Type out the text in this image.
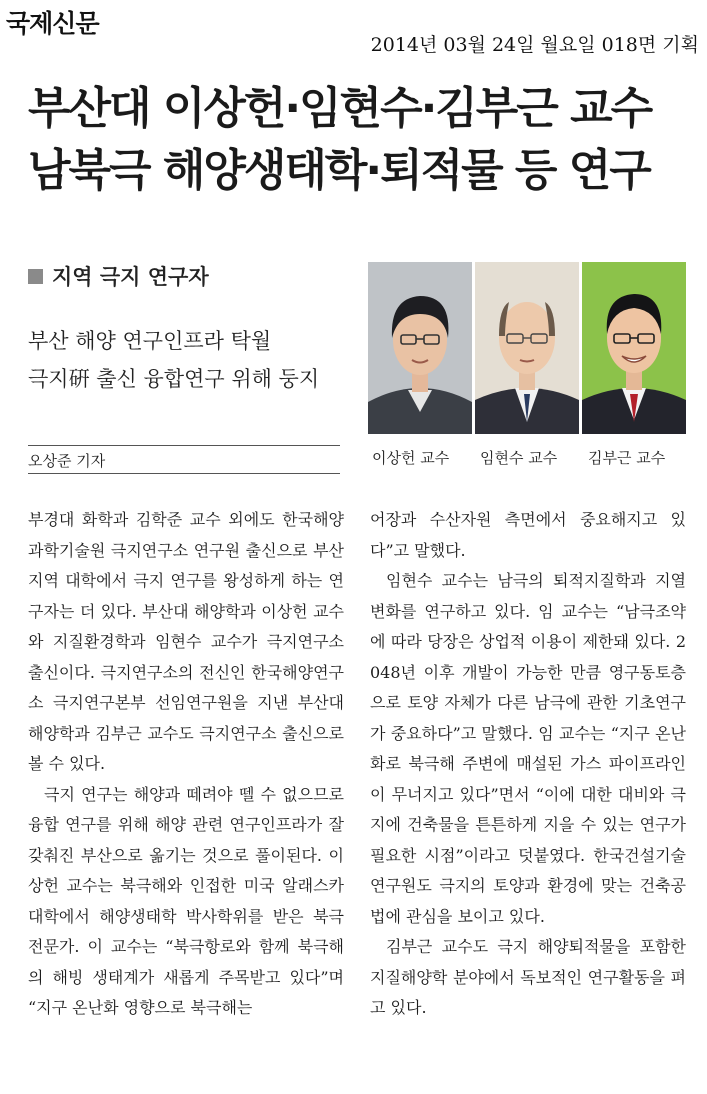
국제신문
2014년 03월 24일 월요일 018면 기획
부산대 이상헌·임현수·김부근 교수
남북극 해양생태학·퇴적물 등 연구
지역 극지 연구자
부산 해양 연구인프라 탁월
극지硏 출신 융합연구 위해 둥지
오상준 기자	이상헌 교수 임현수 교수 김부근 교수

부경대 화학과 김학준 교수 외에도 한국해양과학기술원 극지연구소 연구원 출신으로 부산지역 대학에서 극지 연구를 왕성하게 하는 연구자는 더 있다. 부산대 해양학과 이상헌 교수와 지질환경학과 임현수 교수가 극지연구소 출신이다. 극지연구소의 전신인 한국해양연구소 극지연구본부 선임연구원을 지낸 부산대 해양학과 김부근 교수도 극지연구소 출신으로 볼 수 있다.

극지 연구는 해양과 떼려야 뗄 수 없으므로 융합 연구를 위해 해양 관련 연구인프라가 잘 갖춰진 부산으로 옮기는 것으로 풀이된다. 이상헌 교수는 북극해와 인접한 미국 알래스카대학에서 해양생태학 박사학위를 받은 북극 전문가. 이 교수는 “북극항로와 함께 북극해의 해빙 생태계가 새롭게 주목받고 있다”며 “지구 온난화 영향으로 북극해는

어장과 수산자원 측면에서 중요해지고 있다”고 말했다.

임현수 교수는 남극의 퇴적지질학과 지열 변화를 연구하고 있다. 임 교수는 “남극조약에 따라 당장은 상업적 이용이 제한돼 있다. 2048년 이후 개발이 가능한 만큼 영구동토층으로 토양 자체가 다른 남극에 관한 기초연구가 중요하다”고 말했다. 임 교수는 “지구 온난화로 북극해 주변에 매설된 가스 파이프라인이 무너지고 있다”면서 “이에 대한 대비와 극지에 건축물을 튼튼하게 지을 수 있는 연구가 필요한 시점”이라고 덧붙였다. 한국건설기술연구원도 극지의 토양과 환경에 맞는 건축공법에 관심을 보이고 있다.

김부근 교수도 극지 해양퇴적물을 포함한 지질해양학 분야에서 독보적인 연구활동을 펴고 있다.
